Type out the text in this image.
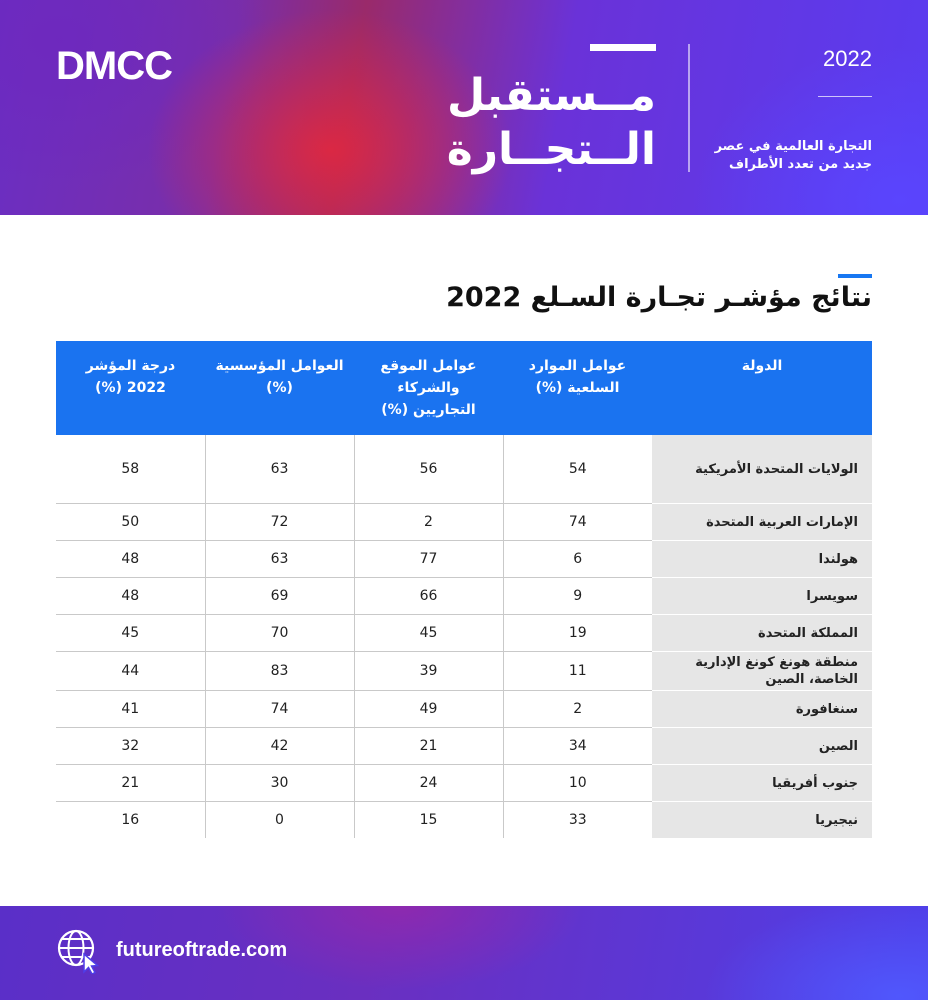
DMCC
مــستقبل
الــتجــارة
2022
التجارة العالمية في عصر جديد من تعدد الأطراف
نتائج مؤشـر تجـارة السـلع 2022
الدولة	عوامل الموارد السلعية (%)	عوامل الموقع والشركاء التجاريين (%)	العوامل المؤسسية (%)	درجة المؤشر 2022 (%)

الولايات المتحدة الأمريكية	54	56	63	58
الإمارات العربية المتحدة	74	2	72	50
هولندا	6	77	63	48
سويسرا	9	66	69	48
المملكة المتحدة	19	45	70	45
منطقة هونغ كونغ الإدارية الخاصة، الصين	11	39	83	44
سنغافورة	2	49	74	41
الصين	34	21	42	32
جنوب أفريقيا	10	24	30	21
نيجيريا	33	15	0	16
futureoftrade.com
